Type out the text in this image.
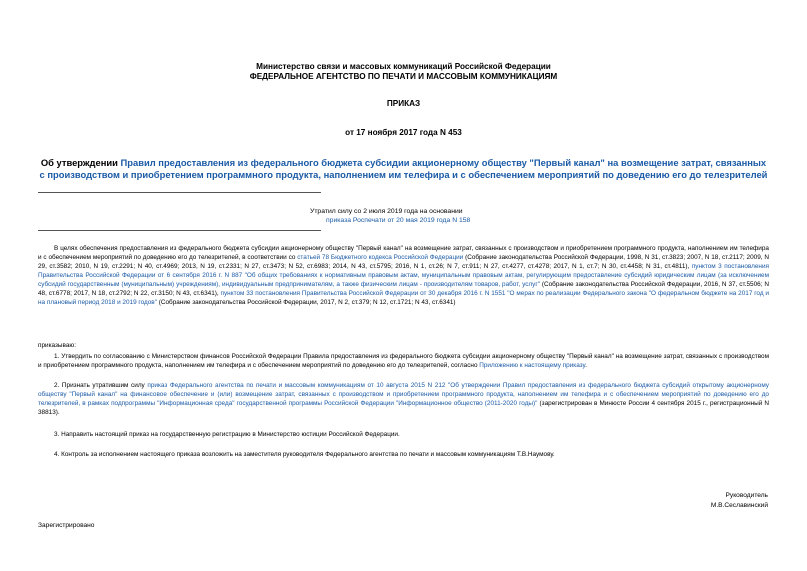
Министерство связи и массовых коммуникаций Российской Федерации
ФЕДЕРАЛЬНОЕ АГЕНТСТВО ПО ПЕЧАТИ И МАССОВЫМ КОММУНИКАЦИЯМ
ПРИКАЗ
от 17 ноября 2017 года N 453
Об утверждении Правил предоставления из федерального бюджета субсидии акционерному обществу "Первый канал" на возмещение затрат, связанных с производством и приобретением программного продукта, наполнением им телефира и с обеспечением мероприятий по доведению его до телезрителей
Утратил силу со 2 июля 2019 года на основании
приказа Роспечати от 20 мая 2019 года N 158

В целях обеспечения предоставления из федерального бюджета субсидии акционерному обществу "Первый канал" на возмещение затрат, связанных с производством и приобретением программного продукта, наполнением им телефира и с обеспечением мероприятий по доведению его до телезрителей, в соответствии со статьей 78 Бюджетного кодекса Российской Федерации (Собрание законодательства Российской Федерации, 1998, N 31, ст.3823; 2007, N 18, ст.2117; 2009, N 29, ст.3582; 2010, N 19, ст.2291; N 40, ст.4969; 2013, N 19, ст.2331; N 27, ст.3473; N 52, ст.6983; 2014, N 43, ст.5795; 2016, N 1, ст.26; N 7, ст.911; N 27, ст.4277, ст.4278; 2017, N 1, ст.7; N 30, ст.4458; N 31, ст.4811), пунктом 3 постановления Правительства Российской Федерации от 6 сентября 2016 г. N 887 "Об общих требованиях к нормативным правовым актам, муниципальным правовым актам, регулирующим предоставление субсидий юридическим лицам (за исключением субсидий государственным (муниципальным) учреждениям), индивидуальным предпринимателям, а также физическим лицам - производителям товаров, работ, услуг" (Собрание законодательства Российской Федерации, 2016, N 37, ст.5506; N 48, ст.6778; 2017, N 18, ст.2792; N 22, ст.3150; N 43, ст.6341), пунктом 33 постановления Правительства Российской Федерации от 30 декабря 2016 г. N 1551 "О мерах по реализации Федерального закона "О федеральном бюджете на 2017 год и на плановый период 2018 и 2019 годов" (Собрание законодательства Российской Федерации, 2017, N 2, ст.379; N 12, ст.1721; N 43, ст.6341)

приказываю:

1. Утвердить по согласованию с Министерством финансов Российской Федерации Правила предоставления из федерального бюджета субсидии акционерному обществу "Первый канал" на возмещение затрат, связанных с производством и приобретением программного продукта, наполнением им телефира и с обеспечением мероприятий по доведению его до телезрителей, согласно Приложению к настоящему приказу.

2. Признать утратившим силу приказ Федерального агентства по печати и массовым коммуникациям от 10 августа 2015 N 212 "Об утверждении Правил предоставления из федерального бюджета субсидий открытому акционерному обществу "Первый канал" на финансовое обеспечение и (или) возмещение затрат, связанных с производством и приобретением программного продукта, наполнением им телефира и с обеспечением мероприятий по доведению его до телезрителей, в рамках подпрограммы "Информационная среда" государственной программы Российской Федерации "Информационное общество (2011-2020 годы)" (зарегистрирован в Минюсте России 4 сентября 2015 г., регистрационный N 38813).

3. Направить настоящий приказ на государственную регистрацию в Министерство юстиции Российской Федерации.

4. Контроль за исполнением настоящего приказа возложить на заместителя руководителя Федерального агентства по печати и массовым коммуникациям Т.В.Наумову.

Руководитель
М.В.Сеславинский
Зарегистрировано
